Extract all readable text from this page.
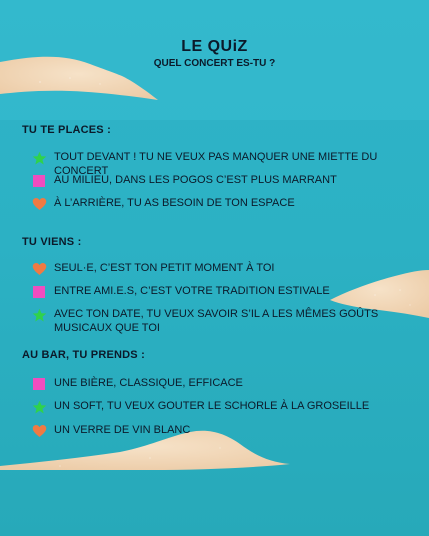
LE QUiZ
QUEL CONCERT ES-TU ?
TU TE PLACES :
TOUT DEVANT ! TU NE VEUX PAS MANQUER UNE MIETTE DU CONCERT
AU MILIEU, DANS LES POGOS C’EST PLUS MARRANT
À L’ARRIÈRE, TU AS BESOIN DE TON ESPACE
TU VIENS :
SEUL·E, C’EST TON PETIT MOMENT À TOI
ENTRE AMI.E.S, C’EST VOTRE TRADITION ESTIVALE
AVEC TON DATE, TU VEUX SAVOIR S’IL A LES MÊMES GOÛTS MUSICAUX QUE TOI
AU BAR, TU PRENDS :
UNE BIÈRE, CLASSIQUE, EFFICACE
UN SOFT, TU VEUX GOUTER LE SCHORLE À LA GROSEILLE
UN VERRE DE VIN BLANC
